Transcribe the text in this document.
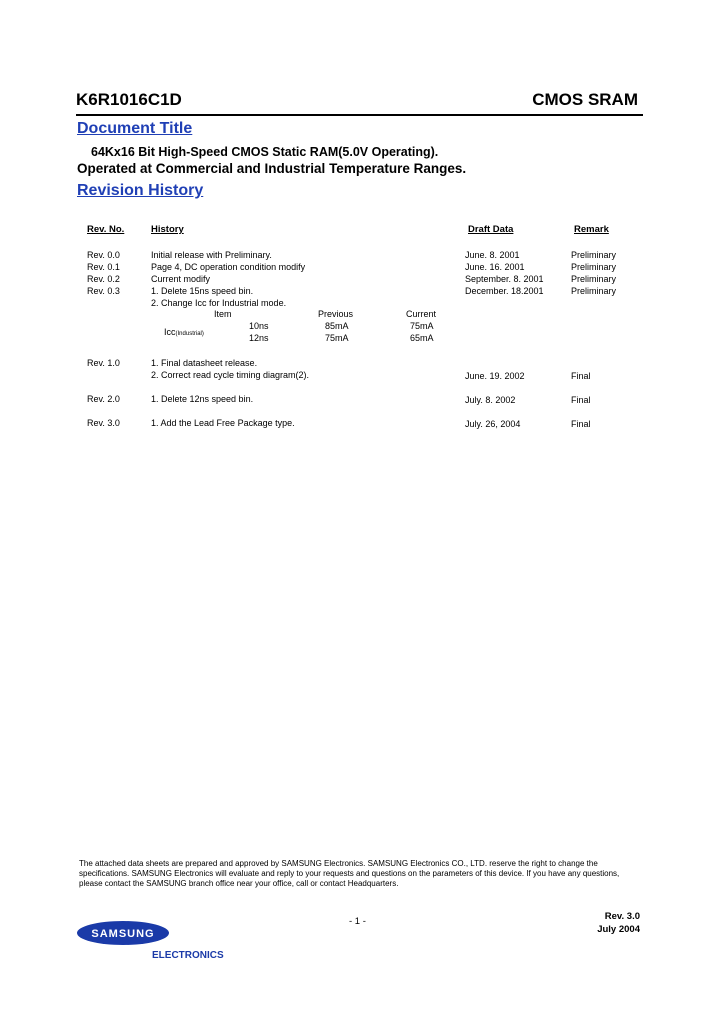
K6R1016C1D	CMOS SRAM
Document Title
64Kx16 Bit High-Speed CMOS Static RAM(5.0V Operating).
Operated at Commercial and Industrial Temperature Ranges.
Revision History
Rev. No.	History	Draft Data	Remark
Rev. 0.0	Initial release with Preliminary.	June. 8. 2001	Preliminary
Rev. 0.1	Page 4, DC operation condition modify	June. 16. 2001	Preliminary
Rev. 0.2	Current modify	September. 8. 2001	Preliminary
Rev. 0.3	1. Delete 15ns speed bin.	December. 18.2001	Preliminary
2. Change Icc for Industrial mode.
Item	Previous	Current
Icc(Industrial)
10ns	85mA	75mA
12ns	75mA	65mA
Rev. 1.0	1. Final datasheet release.
2. Correct read cycle timing diagram(2).	June. 19. 2002	Final
Rev. 2.0	1. Delete 12ns speed bin.	July. 8. 2002	Final
Rev. 3.0	1. Add the Lead Free Package type.	July. 26, 2004	Final
The attached data sheets are prepared and approved by SAMSUNG Electronics. SAMSUNG Electronics CO., LTD. reserve the right to change the
specifications. SAMSUNG Electronics will evaluate and reply to your requests and questions on the parameters of this device. If you have any questions,
please contact the SAMSUNG branch office near your office, call or contact Headquarters.
SAMSUNG
ELECTRONICS
- 1 -	Rev. 3.0
July 2004
